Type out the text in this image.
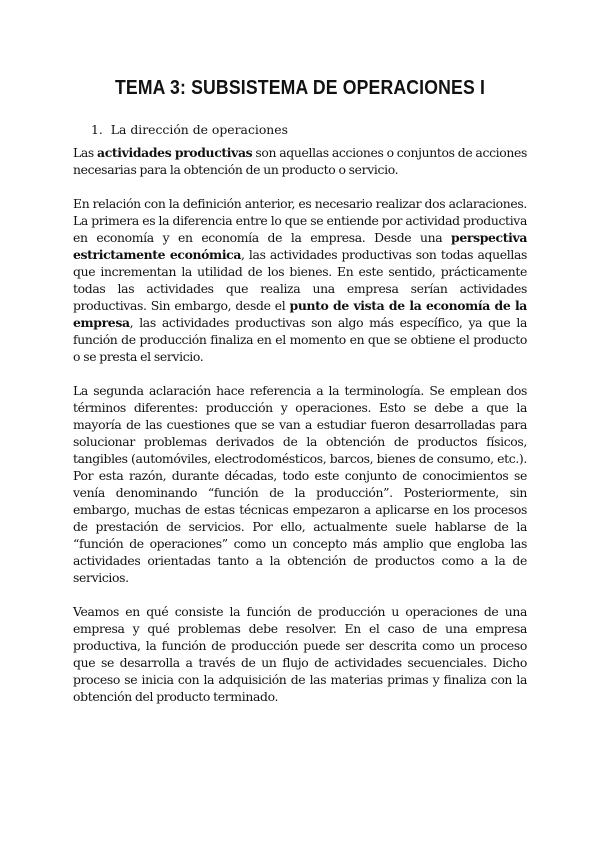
TEMA 3: SUBSISTEMA DE OPERACIONES I
1. La dirección de operaciones

Las actividades productivas son aquellas acciones o conjuntos de acciones necesarias para la obtención de un producto o servicio.

En relación con la definición anterior, es necesario realizar dos aclaraciones. La primera es la diferencia entre lo que se entiende por actividad productiva en economía y en economía de la empresa. Desde una perspectiva estrictamente económica, las actividades productivas son todas aquellas que incrementan la utilidad de los bienes. En este sentido, prácticamente todas las actividades que realiza una empresa serían actividades productivas. Sin embargo, desde el punto de vista de la economía de la empresa, las actividades productivas son algo más específico, ya que la función de producción finaliza en el momento en que se obtiene el producto o se presta el servicio.

La segunda aclaración hace referencia a la terminología. Se emplean dos términos diferentes: producción y operaciones. Esto se debe a que la mayoría de las cuestiones que se van a estudiar fueron desarrolladas para solucionar problemas derivados de la obtención de productos físicos, tangibles (automóviles, electrodomésticos, barcos, bienes de consumo, etc.). Por esta razón, durante décadas, todo este conjunto de conocimientos se venía denominando “función de la producción”. Posteriormente, sin embargo, muchas de estas técnicas empezaron a aplicarse en los procesos de prestación de servicios. Por ello, actualmente suele hablarse de la “función de operaciones” como un concepto más amplio que engloba las actividades orientadas tanto a la obtención de productos como a la de servicios.

Veamos en qué consiste la función de producción u operaciones de una empresa y qué problemas debe resolver. En el caso de una empresa productiva, la función de producción puede ser descrita como un proceso que se desarrolla a través de un flujo de actividades secuenciales. Dicho proceso se inicia con la adquisición de las materias primas y finaliza con la obtención del producto terminado.
